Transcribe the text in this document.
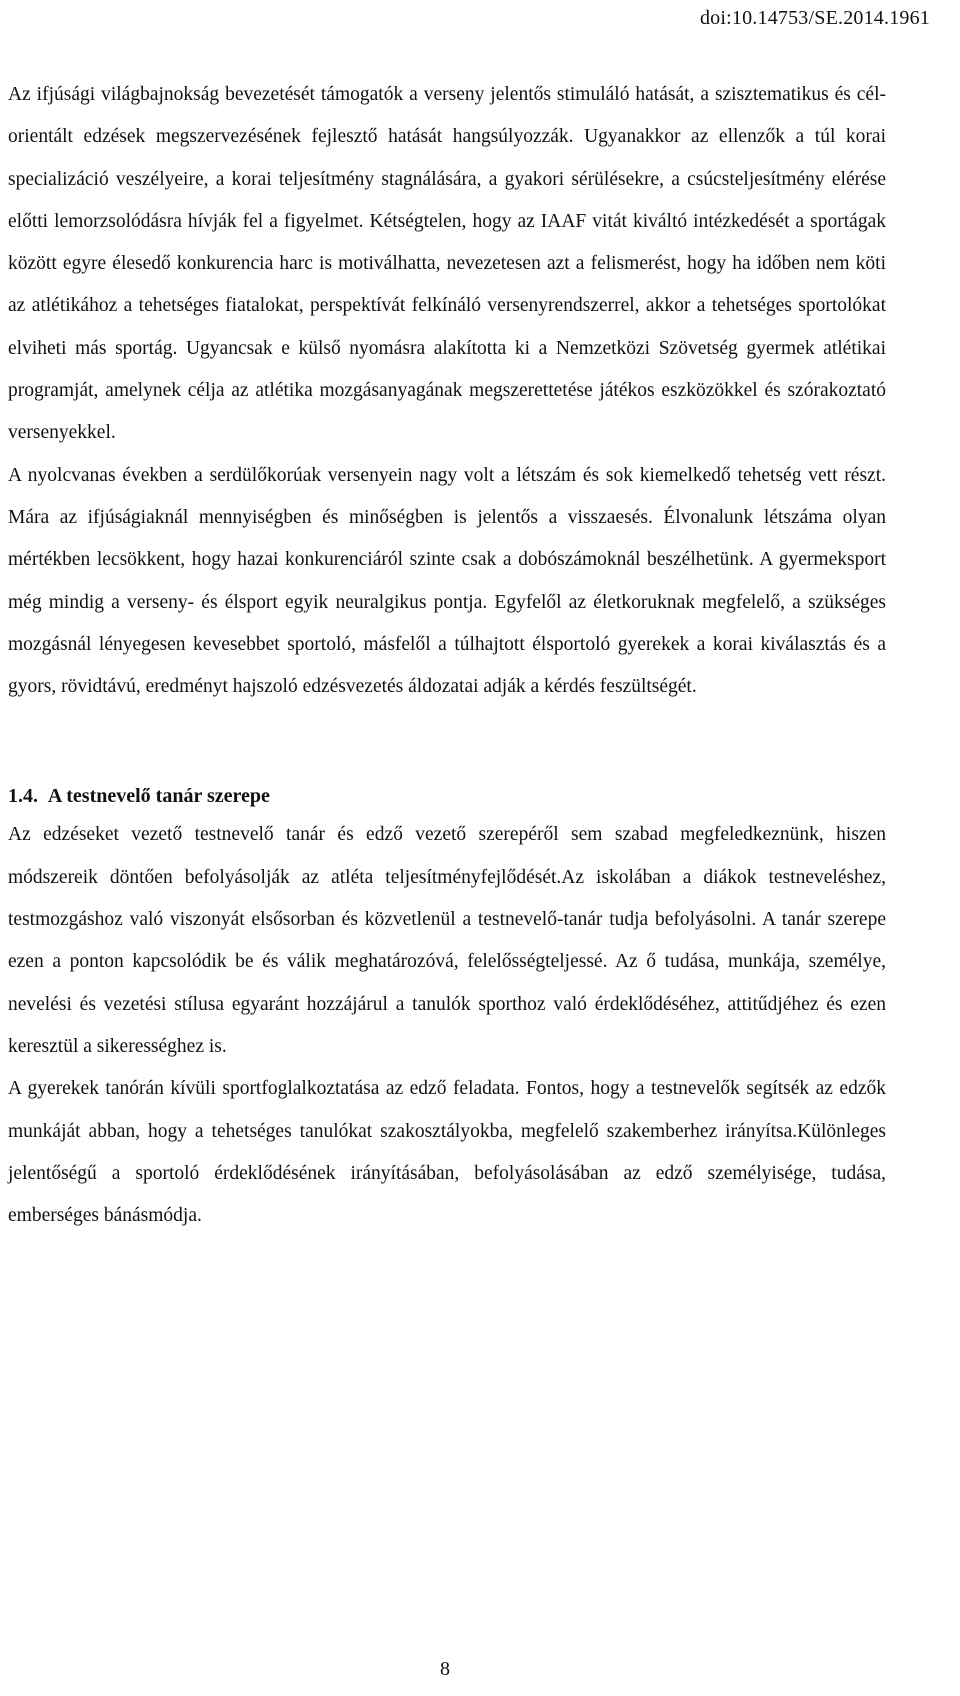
doi:10.14753/SE.2014.1961

Az ifjúsági világbajnokság bevezetését támogatók a verseny jelentős stimuláló hatását, a szisztematikus és cél-orientált edzések megszervezésének fejlesztő hatását hangsúlyozzák. Ugyanakkor az ellenzők a túl korai specializáció veszélyeire, a korai teljesítmény stagnálására, a gyakori sérülésekre, a csúcsteljesítmény elérése előtti lemorzsolódásra hívják fel a figyelmet. Kétségtelen, hogy az IAAF vitát kiváltó intézkedését a sportágak között egyre élesedő konkurencia harc is motiválhatta, nevezetesen azt a felismerést, hogy ha időben nem köti az atlétikához a tehetséges fiatalokat, perspektívát felkínáló versenyrendszerrel, akkor a tehetséges sportolókat elviheti más sportág. Ugyancsak e külső nyomásra alakította ki a Nemzetközi Szövetség gyermek atlétikai programját, amelynek célja az atlétika mozgásanyagának megszerettetése játékos eszközökkel és szórakoztató versenyekkel.

A nyolcvanas években a serdülőkorúak versenyein nagy volt a létszám és sok kiemelkedő tehetség vett részt. Mára az ifjúságiaknál mennyiségben és minőségben is jelentős a visszaesés. Élvonalunk létszáma olyan mértékben lecsökkent, hogy hazai konkurenciáról szinte csak a dobószámoknál beszélhetünk. A gyermeksport még mindig a verseny- és élsport egyik neuralgikus pontja. Egyfelől az életkoruknak megfelelő, a szükséges mozgásnál lényegesen kevesebbet sportoló, másfelől a túlhajtott élsportoló gyerekek a korai kiválasztás és a gyors, rövidtávú, eredményt hajszoló edzésvezetés áldozatai adják a kérdés feszültségét.

1.4. A testnevelő tanár szerepe

Az edzéseket vezető testnevelő tanár és edző vezető szerepéről sem szabad megfeledkeznünk, hiszen módszereik döntően befolyásolják az atléta teljesítményfejlődését.Az iskolában a diákok testneveléshez, testmozgáshoz való viszonyát elsősorban és közvetlenül a testnevelő-tanár tudja befolyásolni. A tanár szerepe ezen a ponton kapcsolódik be és válik meghatározóvá, felelősségteljessé. Az ő tudása, munkája, személye, nevelési és vezetési stílusa egyaránt hozzájárul a tanulók sporthoz való érdeklődéséhez, attitűdjéhez és ezen keresztül a sikerességhez is.

A gyerekek tanórán kívüli sportfoglalkoztatása az edző feladata. Fontos, hogy a testnevelők segítsék az edzők munkáját abban, hogy a tehetséges tanulókat szakosztályokba, megfelelő szakemberhez irányítsa.Különleges jelentőségű a sportoló érdeklődésének irányításában, befolyásolásában az edző személyisége, tudása, emberséges bánásmódja.

8
